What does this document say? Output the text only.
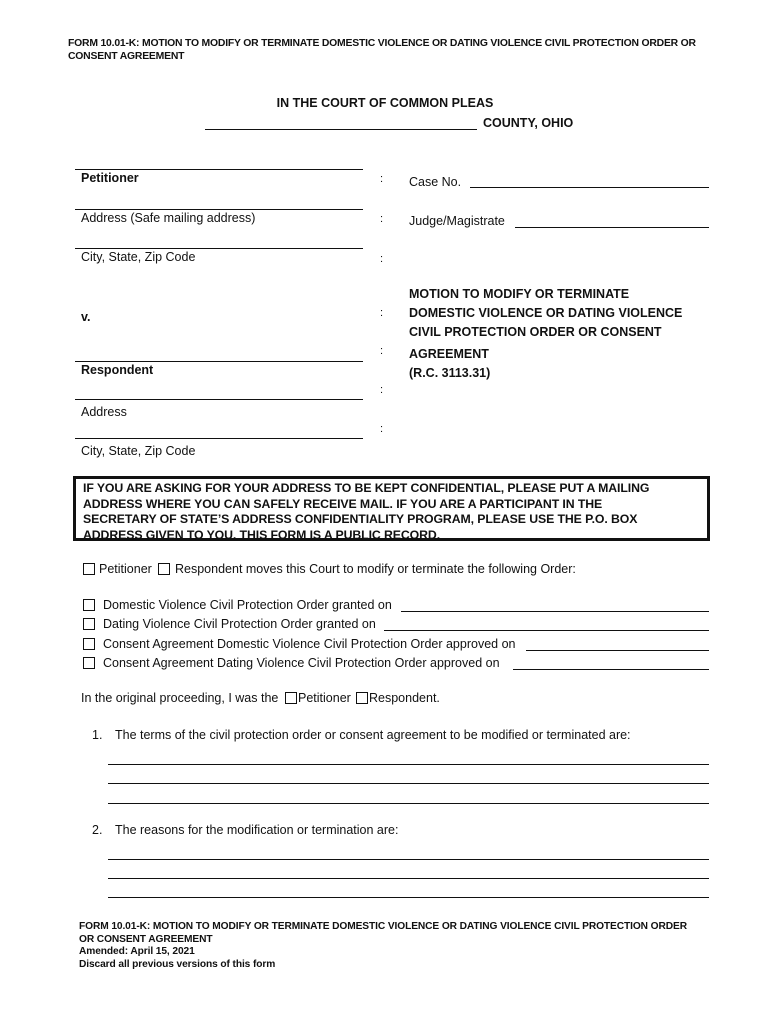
FORM 10.01-K: MOTION TO MODIFY OR TERMINATE DOMESTIC VIOLENCE OR DATING VIOLENCE CIVIL PROTECTION ORDER OR
CONSENT AGREEMENT
IN THE COURT OF COMMON PLEAS
COUNTY, OHIO
Petitioner
Address (Safe mailing address)
City, State, Zip Code
v.
Respondent
Address
City, State, Zip Code
:
:
:
:
:
:
:
Case No.
Judge/Magistrate
MOTION TO MODIFY OR TERMINATE
DOMESTIC VIOLENCE OR DATING VIOLENCE
CIVIL PROTECTION ORDER OR CONSENT
AGREEMENT
(R.C. 3113.31)
IF YOU ARE ASKING FOR YOUR ADDRESS TO BE KEPT CONFIDENTIAL, PLEASE PUT A MAILING
ADDRESS WHERE YOU CAN SAFELY RECEIVE MAIL. IF YOU ARE A PARTICIPANT IN THE
SECRETARY OF STATE’S ADDRESS CONFIDENTIALITY PROGRAM, PLEASE USE THE P.O. BOX
ADDRESS GIVEN TO YOU. THIS FORM IS A PUBLIC RECORD.
Petitioner Respondent moves this Court to modify or terminate the following Order:
Domestic Violence Civil Protection Order granted on
Dating Violence Civil Protection Order granted on
Consent Agreement Domestic Violence Civil Protection Order approved on
Consent Agreement Dating Violence Civil Protection Order approved on
In the original proceeding, I was the Petitioner Respondent.
1. The terms of the civil protection order or consent agreement to be modified or terminated are:
2. The reasons for the modification or termination are:
FORM 10.01-K: MOTION TO MODIFY OR TERMINATE DOMESTIC VIOLENCE OR DATING VIOLENCE CIVIL PROTECTION ORDER
OR CONSENT AGREEMENT
Amended: April 15, 2021
Discard all previous versions of this form
